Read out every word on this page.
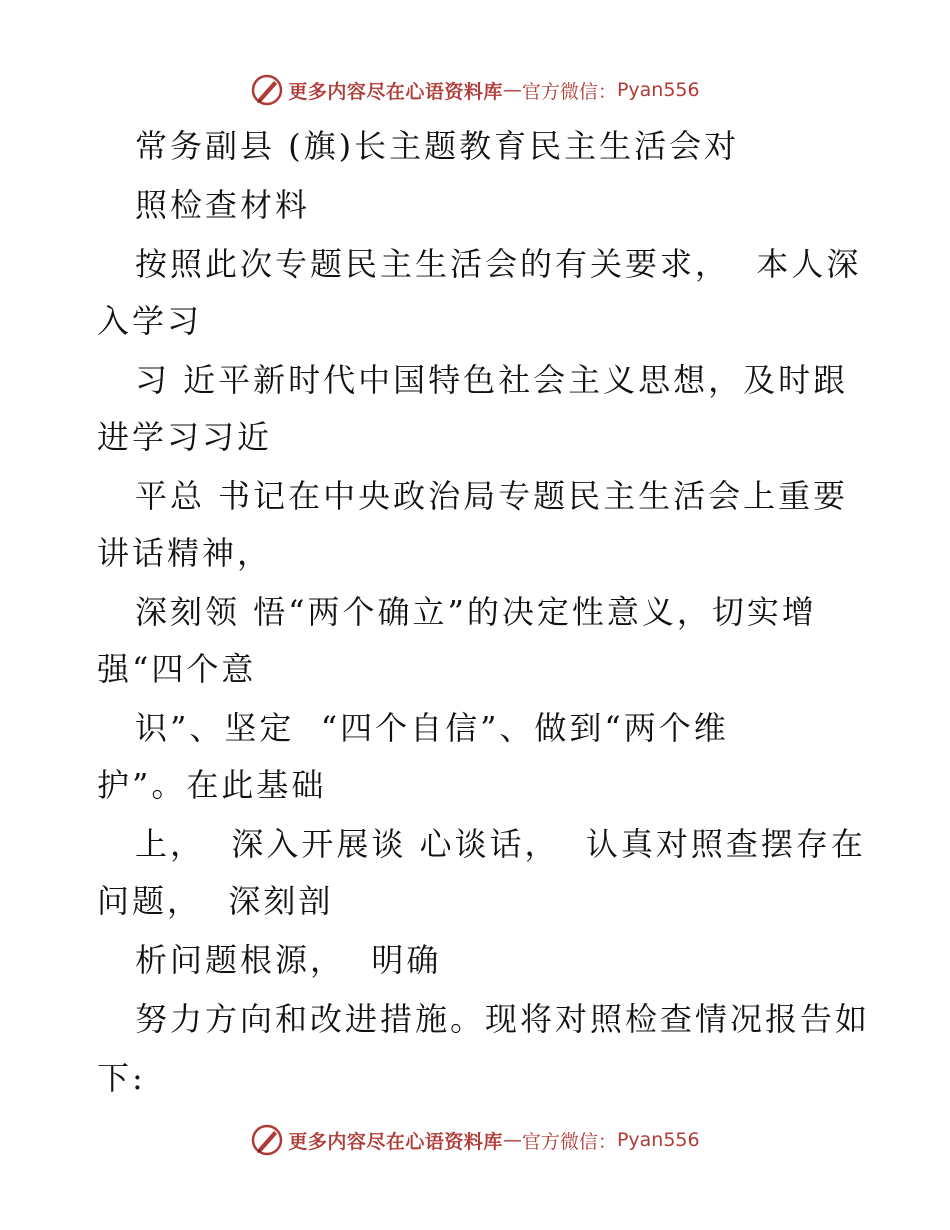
更多内容尽在心语资料库 — 官方微信： Pyan556
常务副县 (旗)长主题教育民主生活会对
照检查材料
按照此次专题民主生活会的有关要求，  本人深
入学习
习 近平新时代中国特色社会主义思想，及时跟
进学习习近
平总 书记在中央政治局专题民主生活会上重要
讲话精神，
深刻领 悟“两个确立”的决定性意义，切实增
强“四个意
识”、坚定  “四个自信”、做到“两个维
护”。在此基础
上，  深入开展谈 心谈话，  认真对照查摆存在
问题，  深刻剖
析问题根源，  明确
努力方向和改进措施。现将对照检查情况报告如
下:
更多内容尽在心语资料库 — 官方微信： Pyan556
